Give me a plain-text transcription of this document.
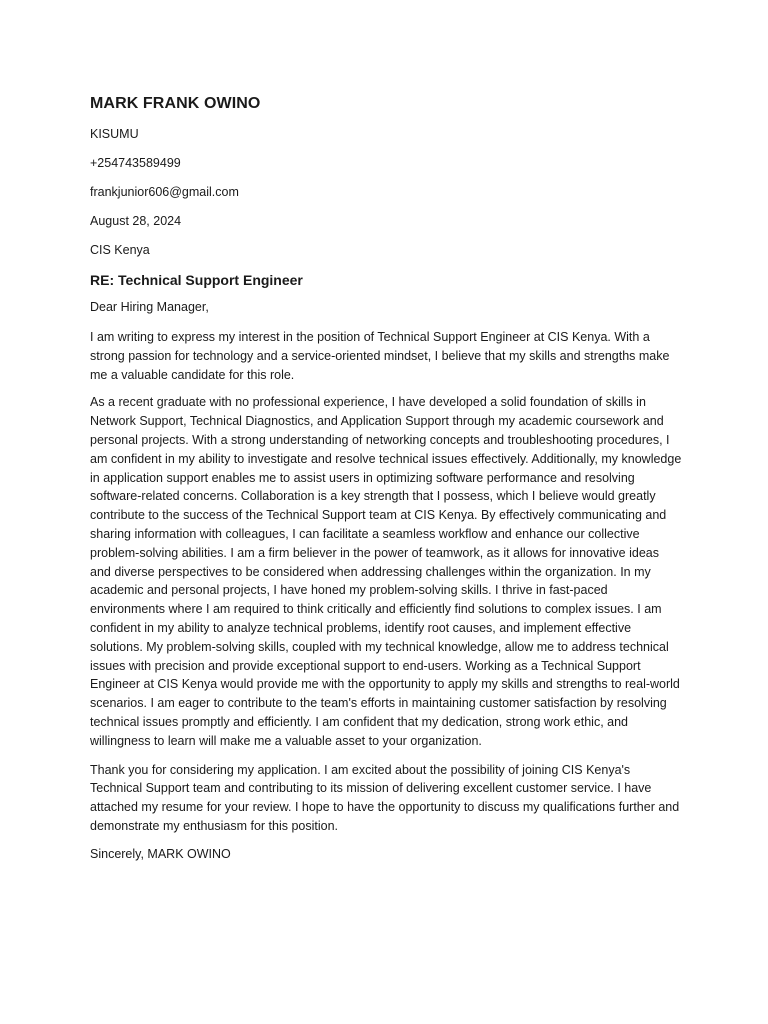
MARK FRANK OWINO
KISUMU
+254743589499
frankjunior606@gmail.com
August 28, 2024
CIS Kenya
RE: Technical Support Engineer
Dear Hiring Manager,

I am writing to express my interest in the position of Technical Support Engineer at CIS Kenya. With a strong passion for technology and a service-oriented mindset, I believe that my skills and strengths make me a valuable candidate for this role.

As a recent graduate with no professional experience, I have developed a solid foundation of skills in Network Support, Technical Diagnostics, and Application Support through my academic coursework and personal projects. With a strong understanding of networking concepts and troubleshooting procedures, I am confident in my ability to investigate and resolve technical issues effectively. Additionally, my knowledge in application support enables me to assist users in optimizing software performance and resolving software-related concerns. Collaboration is a key strength that I possess, which I believe would greatly contribute to the success of the Technical Support team at CIS Kenya. By effectively communicating and sharing information with colleagues, I can facilitate a seamless workflow and enhance our collective problem-solving abilities. I am a firm believer in the power of teamwork, as it allows for innovative ideas and diverse perspectives to be considered when addressing challenges within the organization. In my academic and personal projects, I have honed my problem-solving skills. I thrive in fast-paced environments where I am required to think critically and efficiently find solutions to complex issues. I am confident in my ability to analyze technical problems, identify root causes, and implement effective solutions. My problem-solving skills, coupled with my technical knowledge, allow me to address technical issues with precision and provide exceptional support to end-users. Working as a Technical Support Engineer at CIS Kenya would provide me with the opportunity to apply my skills and strengths to real-world scenarios. I am eager to contribute to the team's efforts in maintaining customer satisfaction by resolving technical issues promptly and efficiently. I am confident that my dedication, strong work ethic, and willingness to learn will make me a valuable asset to your organization.

Thank you for considering my application. I am excited about the possibility of joining CIS Kenya's Technical Support team and contributing to its mission of delivering excellent customer service. I have attached my resume for your review. I hope to have the opportunity to discuss my qualifications further and demonstrate my enthusiasm for this position.

Sincerely, MARK OWINO
